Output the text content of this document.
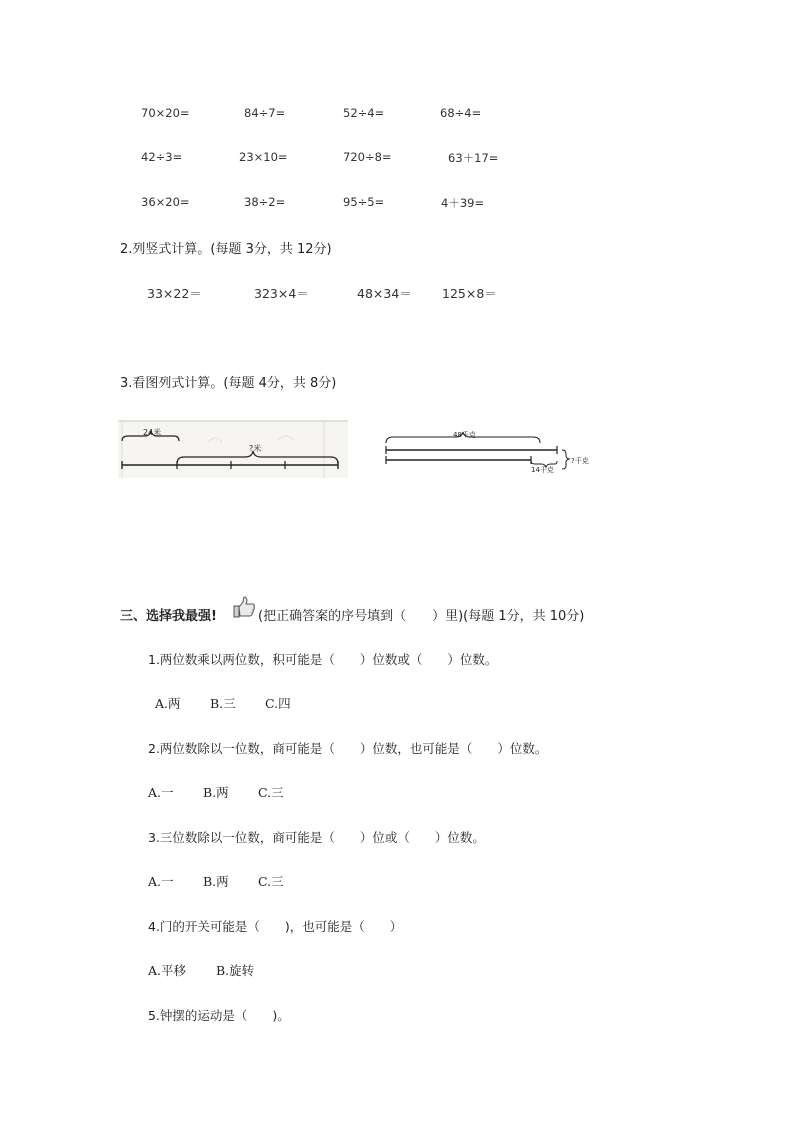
70×20=	84÷7=	52÷4=	68÷4=
42÷3=	23×10=	720÷8=	63＋17=
36×20=	38÷2=	95÷5=	4＋39=
2.列竖式计算。(每题 3分，共 12分)
33×22＝	323×4＝	48×34＝ 125×8＝
3.看图列式计算。(每题 4分，共 8分)
24米
?米
48千克
14千克
?千克
三、选择我最强!	(把正确答案的序号填到（　　）里)(每题 1分，共 10分)
1.两位数乘以两位数，积可能是（　　）位数或（　　）位数。
A.两 B.三 C.四
2.两位数除以一位数，商可能是（　　）位数，也可能是（　　）位数。
A.一 B.两 C.三
3.三位数除以一位数，商可能是（　　）位或（　　）位数。
A.一 B.两 C.三
4.门的开关可能是（　　)，也可能是（　　）
A.平移 B.旋转
5.钟摆的运动是（　　)。
